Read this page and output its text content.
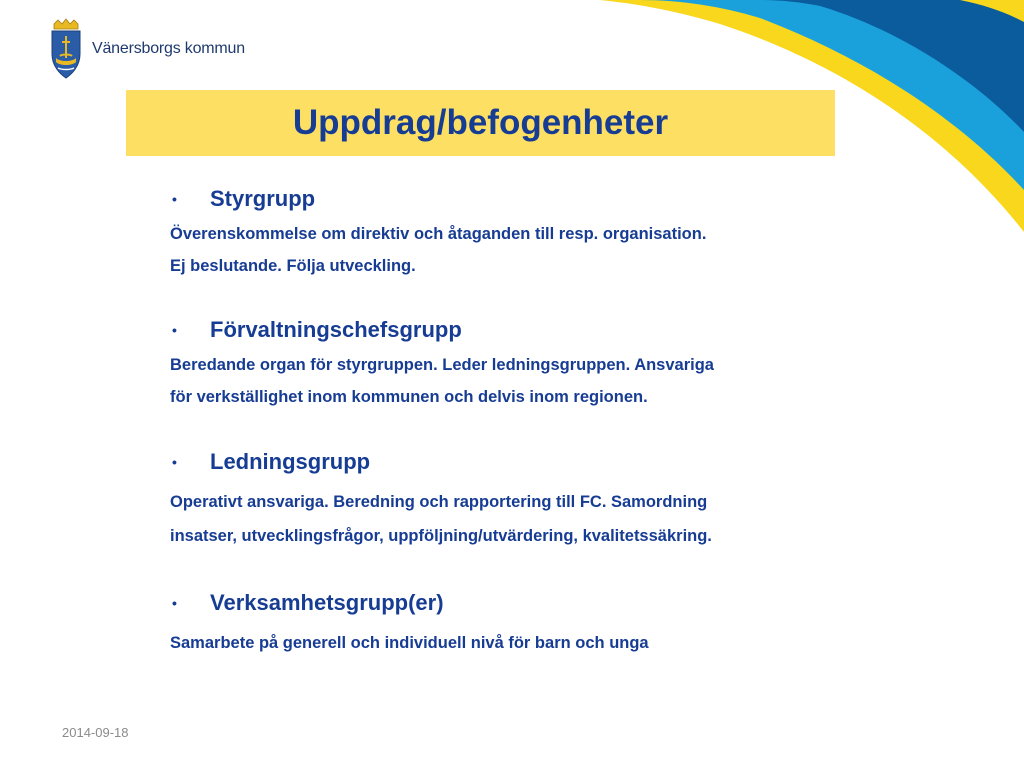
Vänersborgs kommun
Uppdrag/befogenheter
•	Styrgrupp
Överenskommelse om direktiv och åtaganden till resp. organisation.
Ej beslutande. Följa utveckling.
•	Förvaltningschefsgrupp
Beredande organ för styrgruppen. Leder ledningsgruppen. Ansvariga
för verkställighet inom kommunen och delvis inom regionen.
•	Ledningsgrupp
Operativt ansvariga. Beredning och rapportering till FC. Samordning
insatser, utvecklingsfrågor, uppföljning/utvärdering, kvalitetssäkring.
•	Verksamhetsgrupp(er)
Samarbete på generell och individuell nivå för barn och unga
2014-09-18
